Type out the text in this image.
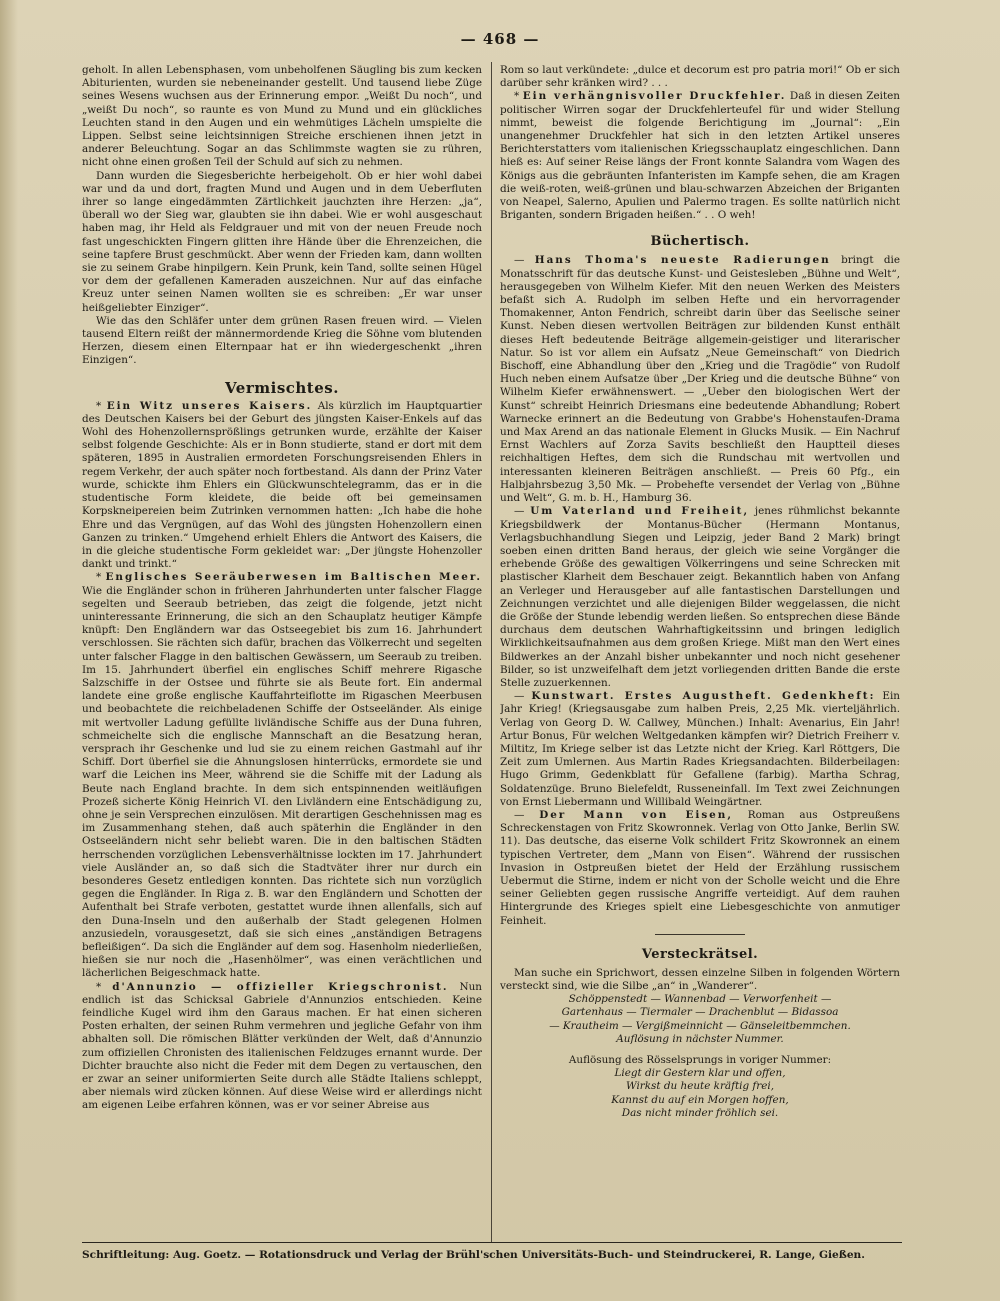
— 468 —

geholt. In allen Lebensphasen, vom unbeholfenen Säugling bis zum kecken Abiturienten, wurden sie nebeneinander gestellt. Und tausend liebe Züge seines Wesens wuchsen aus der Erinnerung empor. „Weißt Du noch“, und „weißt Du noch“, so raunte es von Mund zu Mund und ein glückliches Leuchten stand in den Augen und ein wehmütiges Lächeln umspielte die Lippen. Selbst seine leichtsinnigen Streiche erschienen ihnen jetzt in anderer Beleuchtung. Sogar an das Schlimmste wagten sie zu rühren, nicht ohne einen großen Teil der Schuld auf sich zu nehmen.

Dann wurden die Siegesberichte herbeigeholt. Ob er hier wohl dabei war und da und dort, fragten Mund und Augen und in dem Ueberfluten ihrer so lange eingedämmten Zärtlichkeit jauchzten ihre Herzen: „ja“, überall wo der Sieg war, glaubten sie ihn dabei. Wie er wohl ausgeschaut haben mag, ihr Held als Feldgrauer und mit von der neuen Freude noch fast ungeschickten Fingern glitten ihre Hände über die Ehrenzeichen, die seine tapfere Brust geschmückt. Aber wenn der Frieden kam, dann wollten sie zu seinem Grabe hinpilgern. Kein Prunk, kein Tand, sollte seinen Hügel vor dem der gefallenen Kameraden auszeichnen. Nur auf das einfache Kreuz unter seinen Namen wollten sie es schreiben: „Er war unser heißgeliebter Einziger“.

Wie das den Schläfer unter dem grünen Rasen freuen wird. — Vielen tausend Eltern reißt der männermordende Krieg die Söhne vom blutenden Herzen, diesem einen Elternpaar hat er ihn wiedergeschenkt „ihren Einzigen“.

Vermischtes.

* Ein Witz unseres Kaisers. Als kürzlich im Hauptquartier des Deutschen Kaisers bei der Geburt des jüngsten Kaiser-Enkels auf das Wohl des Hohenzollernsprößlings getrunken wurde, erzählte der Kaiser selbst folgende Geschichte: Als er in Bonn studierte, stand er dort mit dem späteren, 1895 in Australien ermordeten Forschungsreisenden Ehlers in regem Verkehr, der auch später noch fortbestand. Als dann der Prinz Vater wurde, schickte ihm Ehlers ein Glückwunschtelegramm, das er in die studentische Form kleidete, die beide oft bei gemeinsamen Korpskneipereien beim Zutrinken vernommen hatten: „Ich habe die hohe Ehre und das Vergnügen, auf das Wohl des jüngsten Hohenzollern einen Ganzen zu trinken.“ Umgehend erhielt Ehlers die Antwort des Kaisers, die in die gleiche studentische Form gekleidet war: „Der jüngste Hohenzoller dankt und trinkt.“

* Englisches Seeräuberwesen im Baltischen Meer. Wie die Engländer schon in früheren Jahrhunderten unter falscher Flagge segelten und Seeraub betrieben, das zeigt die folgende, jetzt nicht uninteressante Erinnerung, die sich an den Schauplatz heutiger Kämpfe knüpft: Den Engländern war das Ostseegebiet bis zum 16. Jahrhundert verschlossen. Sie rächten sich dafür, brachen das Völkerrecht und segelten unter falscher Flagge in den baltischen Gewässern, um Seeraub zu treiben. Im 15. Jahrhundert überfiel ein englisches Schiff mehrere Rigasche Salzschiffe in der Ostsee und führte sie als Beute fort. Ein andermal landete eine große englische Kauffahrteiflotte im Rigaschen Meerbusen und beobachtete die reichbeladenen Schiffe der Ostseeländer. Als einige mit wertvoller Ladung gefüllte livländische Schiffe aus der Duna fuhren, schmeichelte sich die englische Mannschaft an die Besatzung heran, versprach ihr Geschenke und lud sie zu einem reichen Gastmahl auf ihr Schiff. Dort überfiel sie die Ahnungslosen hinterrücks, ermordete sie und warf die Leichen ins Meer, während sie die Schiffe mit der Ladung als Beute nach England brachte. In dem sich entspinnenden weitläufigen Prozeß sicherte König Heinrich VI. den Livländern eine Entschädigung zu, ohne je sein Versprechen einzulösen. Mit derartigen Geschehnissen mag es im Zusammenhang stehen, daß auch späterhin die Engländer in den Ostseeländern nicht sehr beliebt waren. Die in den baltischen Städten herrschenden vorzüglichen Lebensverhältnisse lockten im 17. Jahrhundert viele Ausländer an, so daß sich die Stadtväter ihrer nur durch ein besonderes Gesetz entledigen konnten. Das richtete sich nun vorzüglich gegen die Engländer. In Riga z. B. war den Engländern und Schotten der Aufenthalt bei Strafe verboten, gestattet wurde ihnen allenfalls, sich auf den Duna-Inseln und den außerhalb der Stadt gelegenen Holmen anzusiedeln, vorausgesetzt, daß sie sich eines „anständigen Betragens befleißigen“. Da sich die Engländer auf dem sog. Hasenholm niederließen, hießen sie nur noch die „Hasenhölmer“, was einen verächtlichen und lächerlichen Beigeschmack hatte.

* d'Annunzio — offizieller Kriegschronist. Nun endlich ist das Schicksal Gabriele d'Annunzios entschieden. Keine feindliche Kugel wird ihm den Garaus machen. Er hat einen sicheren Posten erhalten, der seinen Ruhm vermehren und jegliche Gefahr von ihm abhalten soll. Die römischen Blätter verkünden der Welt, daß d'Annunzio zum offiziellen Chronisten des italienischen Feldzuges ernannt wurde. Der Dichter brauchte also nicht die Feder mit dem Degen zu vertauschen, den er zwar an seiner uniformierten Seite durch alle Städte Italiens schleppt, aber niemals wird zücken können. Auf diese Weise wird er allerdings nicht am eigenen Leibe erfahren können, was er vor seiner Abreise aus

Rom so laut verkündete: „dulce et decorum est pro patria mori!“ Ob er sich darüber sehr kränken wird? . . .

* Ein verhängnisvoller Druckfehler. Daß in diesen Zeiten politischer Wirren sogar der Druckfehlerteufel für und wider Stellung nimmt, beweist die folgende Berichtigung im „Journal“: „Ein unangenehmer Druckfehler hat sich in den letzten Artikel unseres Berichterstatters vom italienischen Kriegsschauplatz eingeschlichen. Dann hieß es: Auf seiner Reise längs der Front konnte Salandra vom Wagen des Königs aus die gebräunten Infanteristen im Kampfe sehen, die am Kragen die weiß-roten, weiß-grünen und blau-schwarzen Abzeichen der Briganten von Neapel, Salerno, Apulien und Palermo tragen. Es sollte natürlich nicht Briganten, sondern Brigaden heißen.“ . . O weh!

Büchertisch.

— Hans Thoma's neueste Radierungen bringt die Monatsschrift für das deutsche Kunst- und Geistesleben „Bühne und Welt“, herausgegeben von Wilhelm Kiefer. Mit den neuen Werken des Meisters befaßt sich A. Rudolph im selben Hefte und ein hervorragender Thomakenner, Anton Fendrich, schreibt darin über das Seelische seiner Kunst. Neben diesen wertvollen Beiträgen zur bildenden Kunst enthält dieses Heft bedeutende Beiträge allgemein-geistiger und literarischer Natur. So ist vor allem ein Aufsatz „Neue Gemeinschaft“ von Diedrich Bischoff, eine Abhandlung über den „Krieg und die Tragödie“ von Rudolf Huch neben einem Aufsatze über „Der Krieg und die deutsche Bühne“ von Wilhelm Kiefer erwähnenswert. — „Ueber den biologischen Wert der Kunst“ schreibt Heinrich Driesmans eine bedeutende Abhandlung; Robert Warnecke erinnert an die Bedeutung von Grabbe's Hohenstaufen-Drama und Max Arend an das nationale Element in Glucks Musik. — Ein Nachruf Ernst Wachlers auf Zorza Savits beschließt den Hauptteil dieses reichhaltigen Heftes, dem sich die Rundschau mit wertvollen und interessanten kleineren Beiträgen anschließt. — Preis 60 Pfg., ein Halbjahrsbezug 3,50 Mk. — Probehefte versendet der Verlag von „Bühne und Welt“, G. m. b. H., Hamburg 36.

— Um Vaterland und Freiheit, jenes rühmlichst bekannte Kriegsbildwerk der Montanus-Bücher (Hermann Montanus, Verlagsbuchhandlung Siegen und Leipzig, jeder Band 2 Mark) bringt soeben einen dritten Band heraus, der gleich wie seine Vorgänger die erhebende Größe des gewaltigen Völkerringens und seine Schrecken mit plastischer Klarheit dem Beschauer zeigt. Bekanntlich haben von Anfang an Verleger und Herausgeber auf alle fantastischen Darstellungen und Zeichnungen verzichtet und alle diejenigen Bilder weggelassen, die nicht die Größe der Stunde lebendig werden ließen. So entsprechen diese Bände durchaus dem deutschen Wahrhaftigkeitssinn und bringen lediglich Wirklichkeitsaufnahmen aus dem großen Kriege. Mißt man den Wert eines Bildwerkes an der Anzahl bisher unbekannter und noch nicht gesehener Bilder, so ist unzweifelhaft dem jetzt vorliegenden dritten Bande die erste Stelle zuzuerkennen.

— Kunstwart. Erstes Augustheft. Gedenkheft: Ein Jahr Krieg! (Kriegsausgabe zum halben Preis, 2,25 Mk. vierteljährlich. Verlag von Georg D. W. Callwey, München.) Inhalt: Avenarius, Ein Jahr! Artur Bonus, Für welchen Weltgedanken kämpfen wir? Dietrich Freiherr v. Miltitz, Im Kriege selber ist das Letzte nicht der Krieg. Karl Röttgers, Die Zeit zum Umlernen. Aus Martin Rades Kriegsandachten. Bilderbeilagen: Hugo Grimm, Gedenkblatt für Gefallene (farbig). Martha Schrag, Soldatenzüge. Bruno Bielefeldt, Russeneinfall. Im Text zwei Zeichnungen von Ernst Liebermann und Willibald Weingärtner.

— Der Mann von Eisen, Roman aus Ostpreußens Schreckenstagen von Fritz Skowronnek. Verlag von Otto Janke, Berlin SW. 11). Das deutsche, das eiserne Volk schildert Fritz Skowronnek an einem typischen Vertreter, dem „Mann von Eisen“. Während der russischen Invasion in Ostpreußen bietet der Held der Erzählung russischem Uebermut die Stirne, indem er nicht von der Scholle weicht und die Ehre seiner Geliebten gegen russische Angriffe verteidigt. Auf dem rauhen Hintergrunde des Krieges spielt eine Liebesgeschichte von anmutiger Feinheit.

Versteckrätsel.

Man suche ein Sprichwort, dessen einzelne Silben in folgenden Wörtern versteckt sind, wie die Silbe „an“ in „Wanderer“.

Schöppenstedt — Wannenbad — Verworfenheit —

Gartenhaus — Tiermaler — Drachenblut — Bidassoa

— Krautheim — Vergißmeinnicht — Gänseleitbemmchen.

Auflösung in nächster Nummer.

Auflösung des Rösselsprungs in voriger Nummer:

Liegt dir Gestern klar und offen,

Wirkst du heute kräftig frei,

Kannst du auf ein Morgen hoffen,

Das nicht minder fröhlich sei.

Schriftleitung: Aug. Goetz. — Rotationsdruck und Verlag der Brühl'schen Universitäts-Buch- und Steindruckerei, R. Lange, Gießen.
